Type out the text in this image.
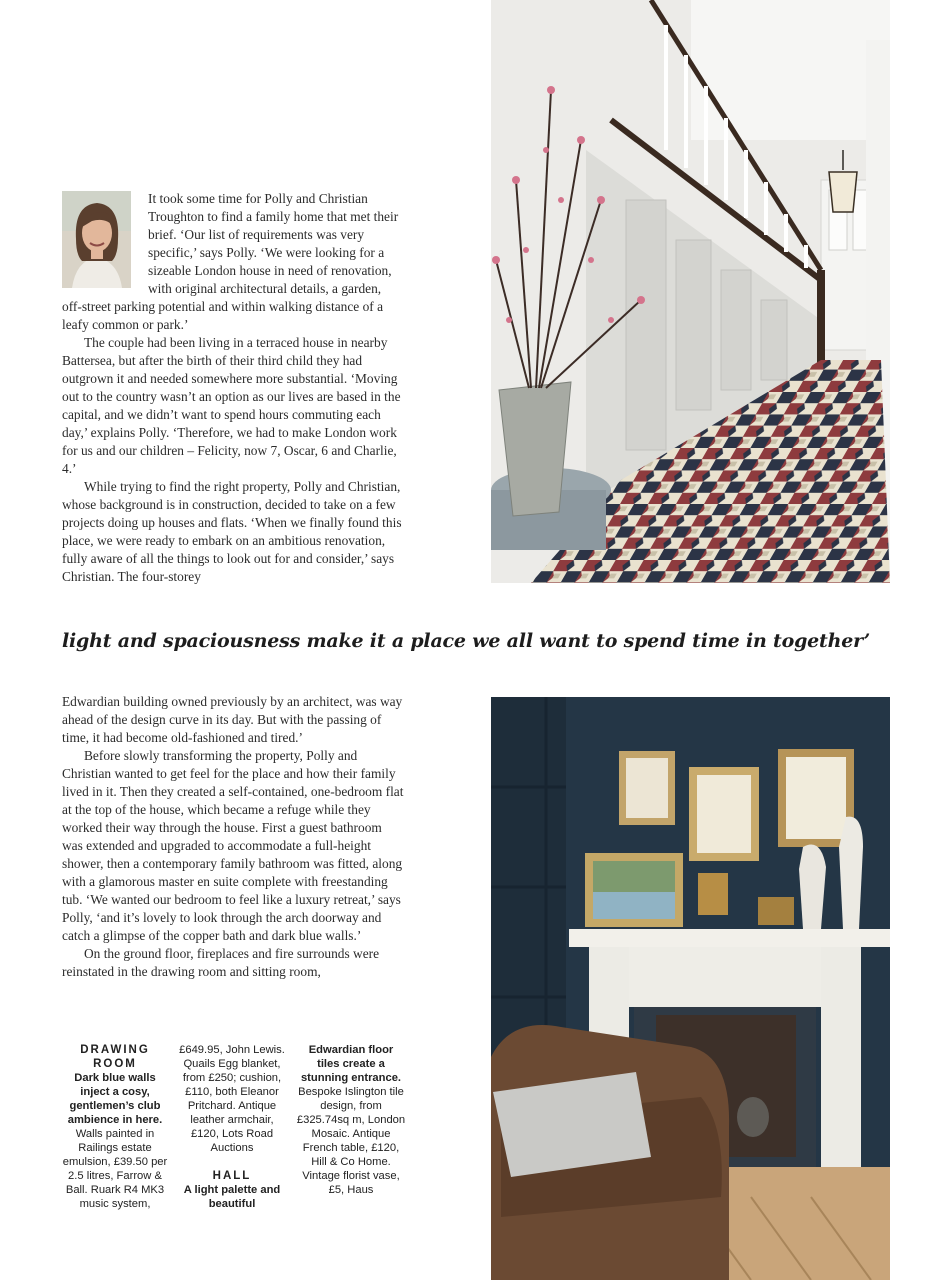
It took some time for Polly and Christian Troughton to find a family home that met their brief. ‘Our list of requirements was very specific,’ says Polly. ‘We were looking for a sizeable London house in need of renovation, with original architectural details, a garden, off-street parking potential and within walking distance of a leafy common or park.’

The couple had been living in a terraced house in nearby Battersea, but after the birth of their third child they had outgrown it and needed somewhere more substantial. ‘Moving out to the country wasn’t an option as our lives are based in the capital, and we didn’t want to spend hours commuting each day,’ explains Polly. ‘Therefore, we had to make London work for us and our children – Felicity, now 7, Oscar, 6 and Charlie, 4.’

While trying to find the right property, Polly and Christian, whose background is in construction, decided to take on a few projects doing up houses and flats. ‘When we finally found this place, we were ready to embark on an ambitious renovation, fully aware of all the things to look out for and consider,’ says Christian. The four-storey

light and spaciousness make it a place we all want to spend time in together’

Edwardian building owned previously by an architect, was way ahead of the design curve in its day. But with the passing of time, it had become old-fashioned and tired.’

Before slowly transforming the property, Polly and Christian wanted to get feel for the place and how their family lived in it. Then they created a self-contained, one-bedroom flat at the top of the house, which became a refuge while they worked their way through the house. First a guest bathroom was extended and upgraded to accommodate a full-height shower, then a contemporary family bathroom was fitted, along with a glamorous master en suite complete with freestanding tub. ‘We wanted our bedroom to feel like a luxury retreat,’ says Polly, ‘and it’s lovely to look through the arch doorway and catch a glimpse of the copper bath and dark blue walls.’

On the ground floor, fireplaces and fire surrounds were reinstated in the drawing room and sitting room,

DRAWING ROOM

Dark blue walls inject a cosy, gentlemen’s club ambience in here.

Walls painted in Railings estate emulsion, £39.50 per 2.5 litres, Farrow & Ball. Ruark R4 MK3 music system,

£649.95, John Lewis. Quails Egg blanket, from £250; cushion, £110, both Eleanor Pritchard. Antique leather armchair, £120, Lots Road Auctions

HALL

A light palette and beautiful

Edwardian floor tiles create a stunning entrance.

Bespoke Islington tile design, from £325.74sq m, London Mosaic. Antique French table, £120, Hill & Co Home. Vintage florist vase, £5, Haus
